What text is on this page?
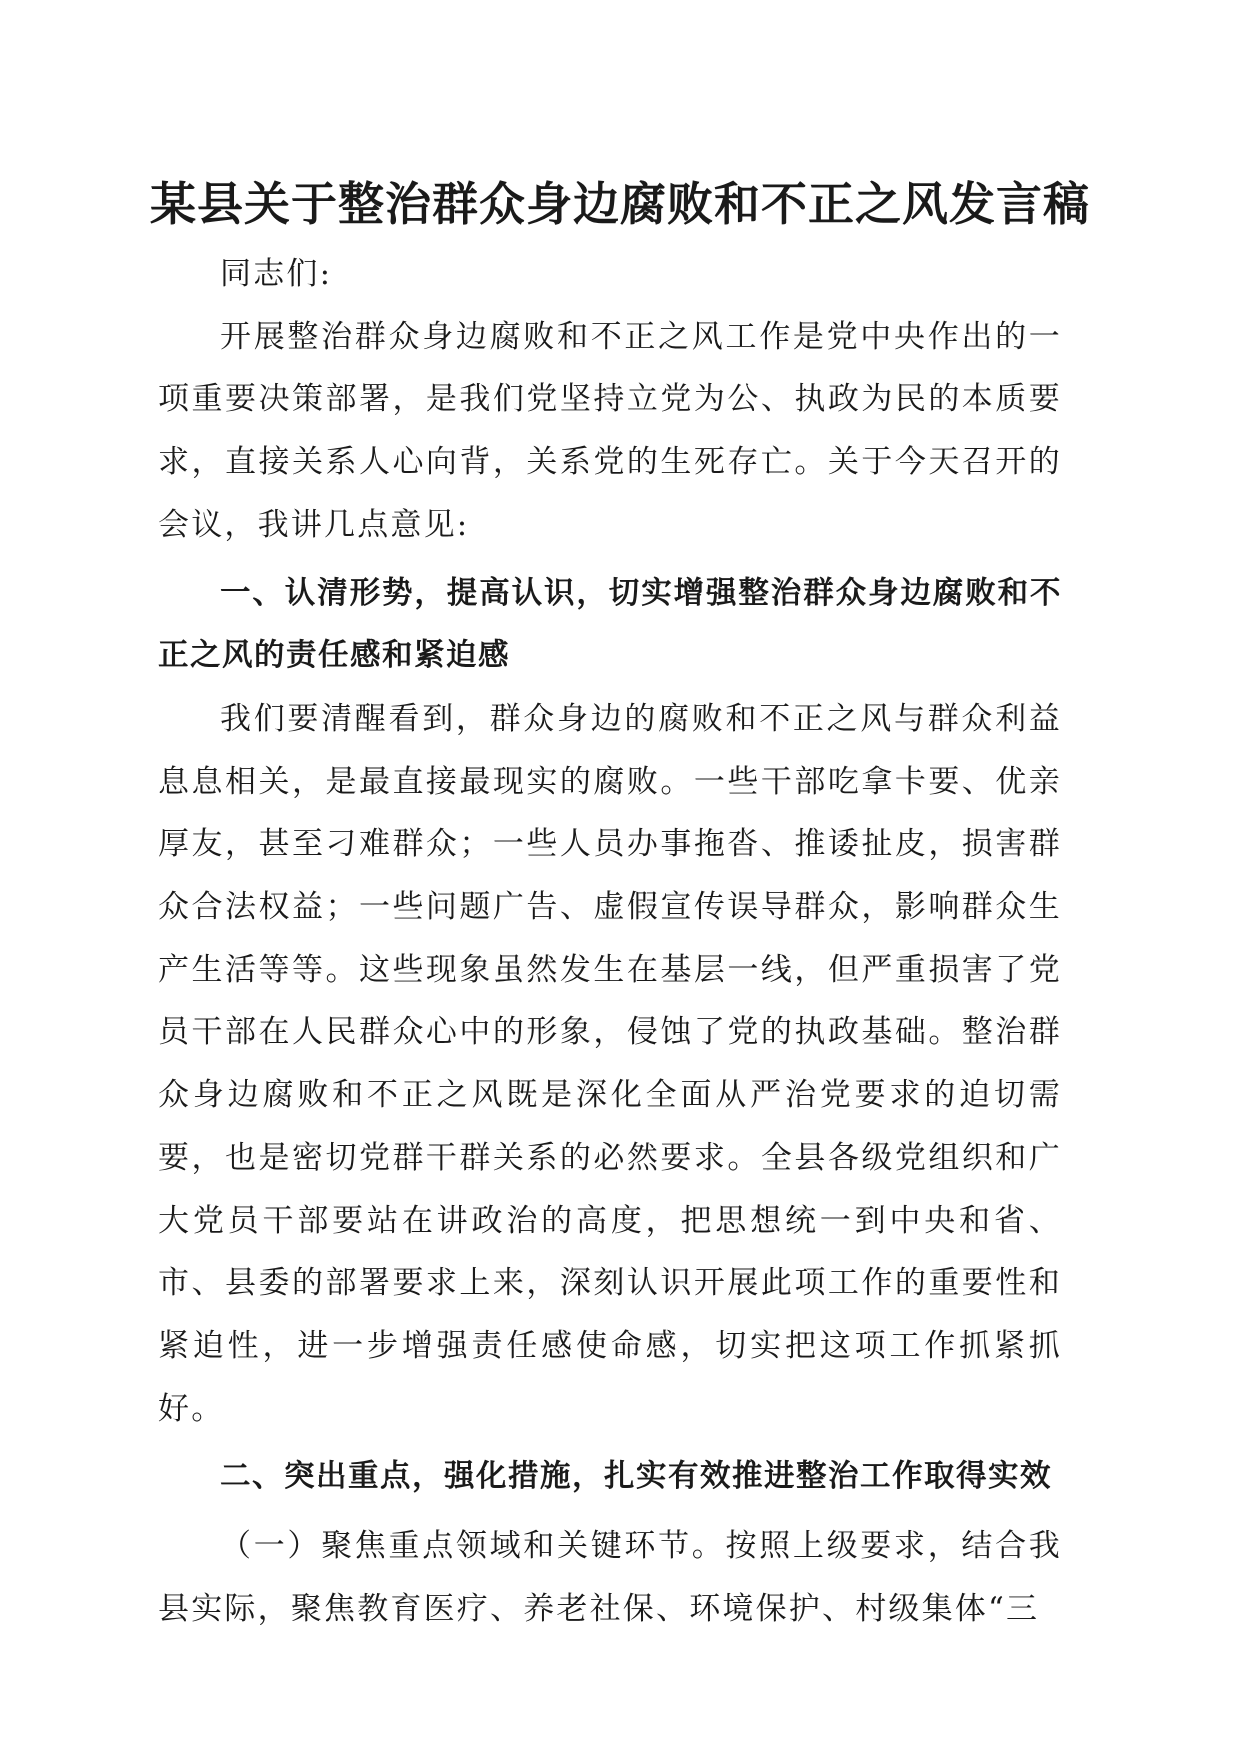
某县关于整治群众身边腐败和不正之风发言稿

同志们:

开展整治群众身边腐败和不正之风工作是党中央作出的一项重要决策部署，是我们党坚持立党为公、执政为民的本质要求，直接关系人心向背，关系党的生死存亡。关于今天召开的会议，我讲几点意见:

一、认清形势，提高认识，切实增强整治群众身边腐败和不正之风的责任感和紧迫感

我们要清醒看到，群众身边的腐败和不正之风与群众利益息息相关，是最直接最现实的腐败。一些干部吃拿卡要、优亲厚友，甚至刁难群众；一些人员办事拖沓、推诿扯皮，损害群众合法权益；一些问题广告、虚假宣传误导群众，影响群众生产生活等等。这些现象虽然发生在基层一线，但严重损害了党员干部在人民群众心中的形象，侵蚀了党的执政基础。整治群众身边腐败和不正之风既是深化全面从严治党要求的迫切需要，也是密切党群干群关系的必然要求。全县各级党组织和广大党员干部要站在讲政治的高度，把思想统一到中央和省、市、县委的部署要求上来，深刻认识开展此项工作的重要性和紧迫性，进一步增强责任感使命感，切实把这项工作抓紧抓好。

二、突出重点，强化措施，扎实有效推进整治工作取得实效

（一）聚焦重点领域和关键环节。按照上级要求，结合我县实际，聚焦教育医疗、养老社保、环境保护、村级集体“三
